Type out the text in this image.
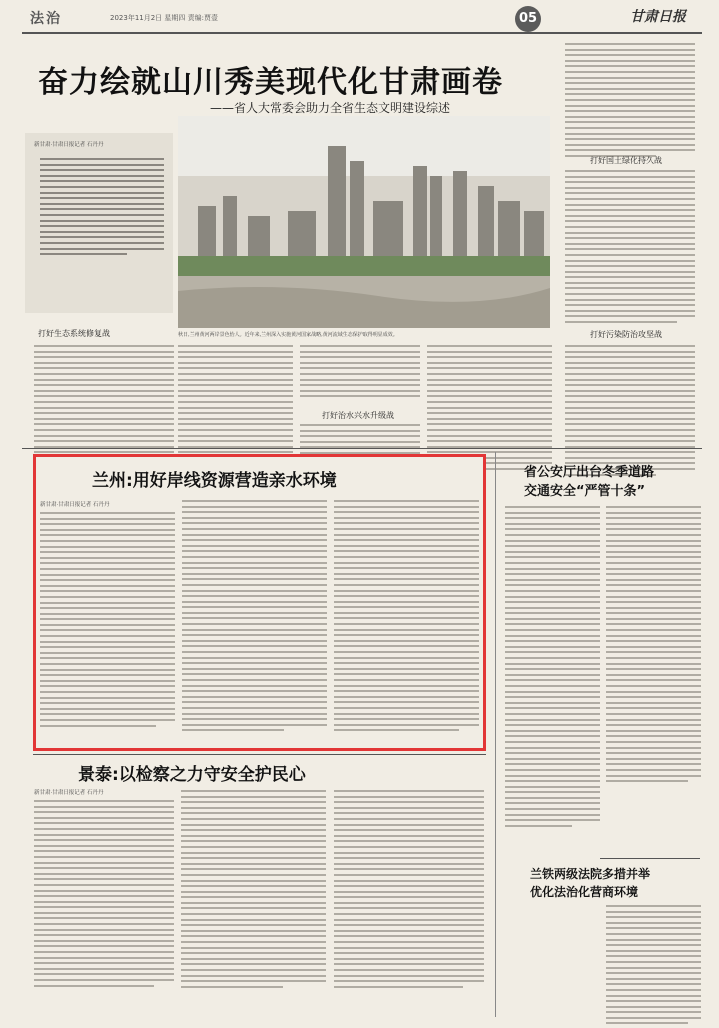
法治	2023年11月2日 星期四 责编:贾壹	05	甘肃日报
奋力绘就山川秀美现代化甘肃画卷
——省人大常委会助力全省生态文明建设综述
秋日,兰州黄河两岸景色怡人。近年来,兰州深入实施黄河国家战略,黄河流域生态保护取得明显成效。
新甘肃·甘肃日报记者 石丹丹
打好生态系统修复战
打好治水兴水升级战
打好国土绿化持久战
打好污染防治攻坚战
兰州:用好岸线资源营造亲水环境
新甘肃·甘肃日报记者 石丹丹
景泰:以检察之力守安全护民心
新甘肃·甘肃日报记者 石丹丹
省公安厅出台冬季道路
交通安全“严管十条”
兰铁两级法院多措并举
优化法治化营商环境
